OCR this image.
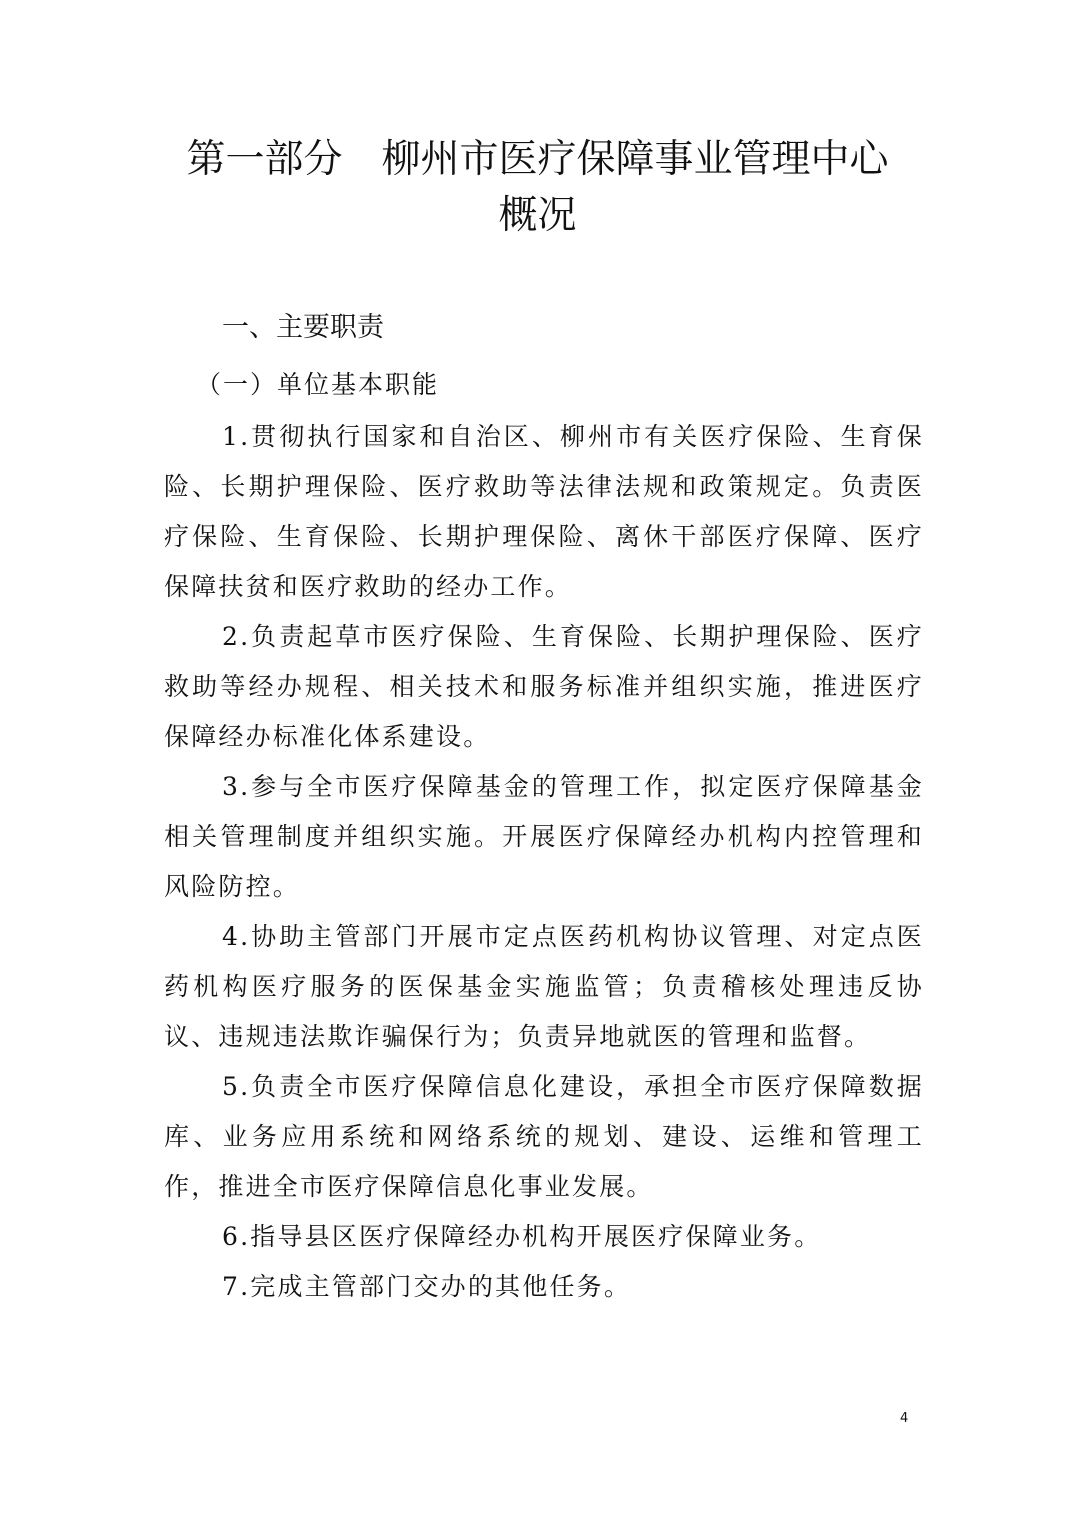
第一部分　柳州市医疗保障事业管理中心
概况
一、主要职责
（一）单位基本职能

1.贯彻执行国家和自治区、柳州市有关医疗保险、生育保险、长期护理保险、医疗救助等法律法规和政策规定。负责医疗保险、生育保险、长期护理保险、离休干部医疗保障、医疗保障扶贫和医疗救助的经办工作。

2.负责起草市医疗保险、生育保险、长期护理保险、医疗救助等经办规程、相关技术和服务标准并组织实施，推进医疗保障经办标准化体系建设。

3.参与全市医疗保障基金的管理工作，拟定医疗保障基金相关管理制度并组织实施。开展医疗保障经办机构内控管理和风险防控。

4.协助主管部门开展市定点医药机构协议管理、对定点医药机构医疗服务的医保基金实施监管；负责稽核处理违反协议、违规违法欺诈骗保行为；负责异地就医的管理和监督。

5.负责全市医疗保障信息化建设，承担全市医疗保障数据库、业务应用系统和网络系统的规划、建设、运维和管理工作，推进全市医疗保障信息化事业发展。

6.指导县区医疗保障经办机构开展医疗保障业务。

7.完成主管部门交办的其他任务。

4
